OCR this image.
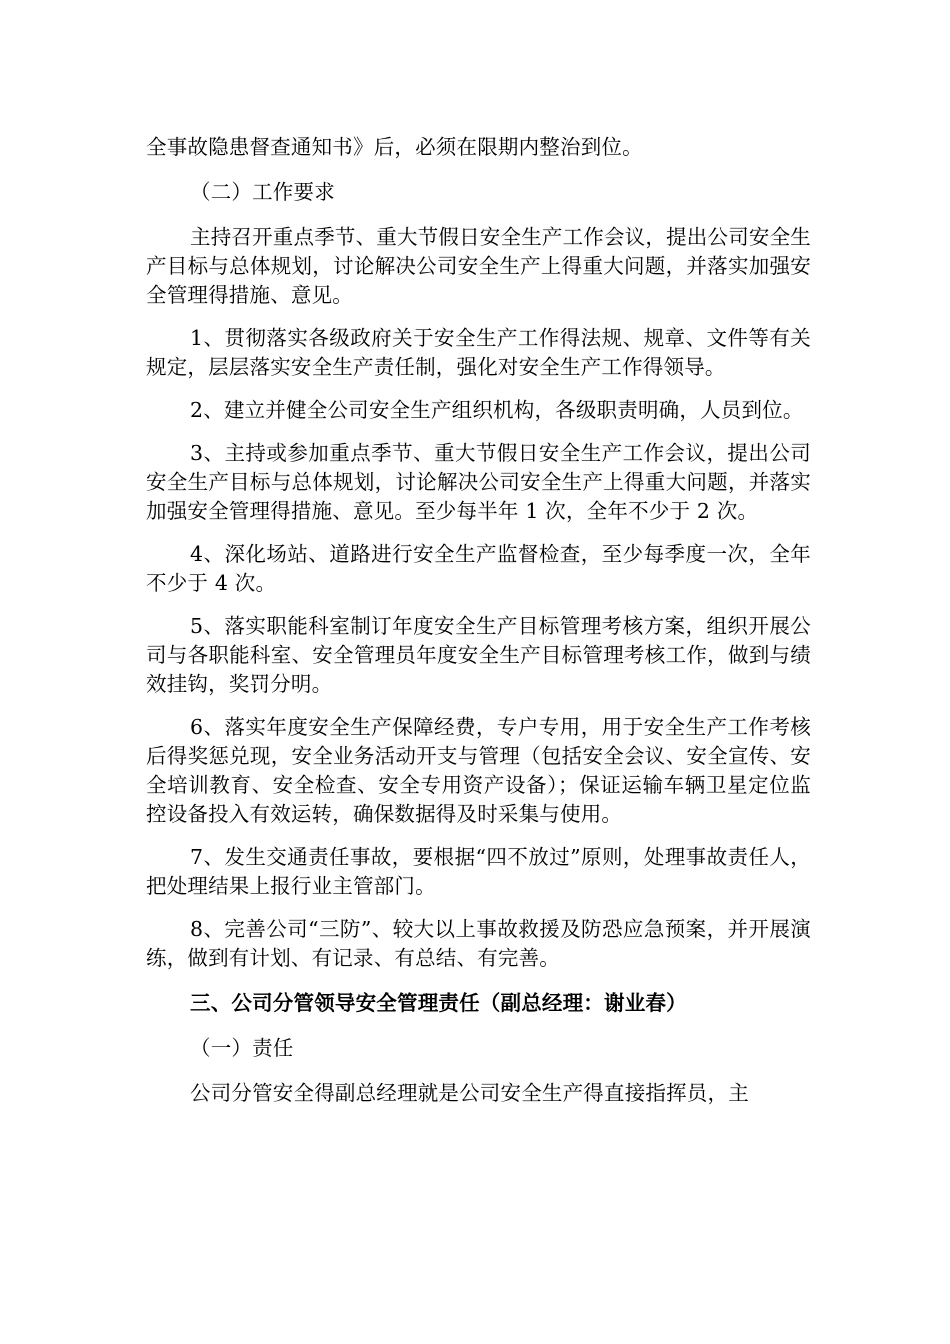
全事故隐患督查通知书》后，必须在限期内整治到位。

（二）工作要求

主持召开重点季节、重大节假日安全生产工作会议，提出公司安全生产目标与总体规划，讨论解决公司安全生产上得重大问题，并落实加强安全管理得措施、意见。

1、贯彻落实各级政府关于安全生产工作得法规、规章、文件等有关规定，层层落实安全生产责任制，强化对安全生产工作得领导。

2、建立并健全公司安全生产组织机构，各级职责明确，人员到位。

3、主持或参加重点季节、重大节假日安全生产工作会议，提出公司安全生产目标与总体规划，讨论解决公司安全生产上得重大问题，并落实加强安全管理得措施、意见。至少每半年 1 次，全年不少于 2 次。

4、深化场站、道路进行安全生产监督检查，至少每季度一次，全年不少于 4 次。

5、落实职能科室制订年度安全生产目标管理考核方案，组织开展公司与各职能科室、安全管理员年度安全生产目标管理考核工作，做到与绩效挂钩，奖罚分明。

6、落实年度安全生产保障经费，专户专用，用于安全生产工作考核后得奖惩兑现，安全业务活动开支与管理（包括安全会议、安全宣传、安全培训教育、安全检查、安全专用资产设备）；保证运输车辆卫星定位监控设备投入有效运转，确保数据得及时采集与使用。

7、发生交通责任事故，要根据“四不放过”原则，处理事故责任人，把处理结果上报行业主管部门。

8、完善公司“三防”、较大以上事故救援及防恐应急预案，并开展演练，做到有计划、有记录、有总结、有完善。

三、公司分管领导安全管理责任（副总经理：谢业春）

（一）责任

公司分管安全得副总经理就是公司安全生产得直接指挥员，主
